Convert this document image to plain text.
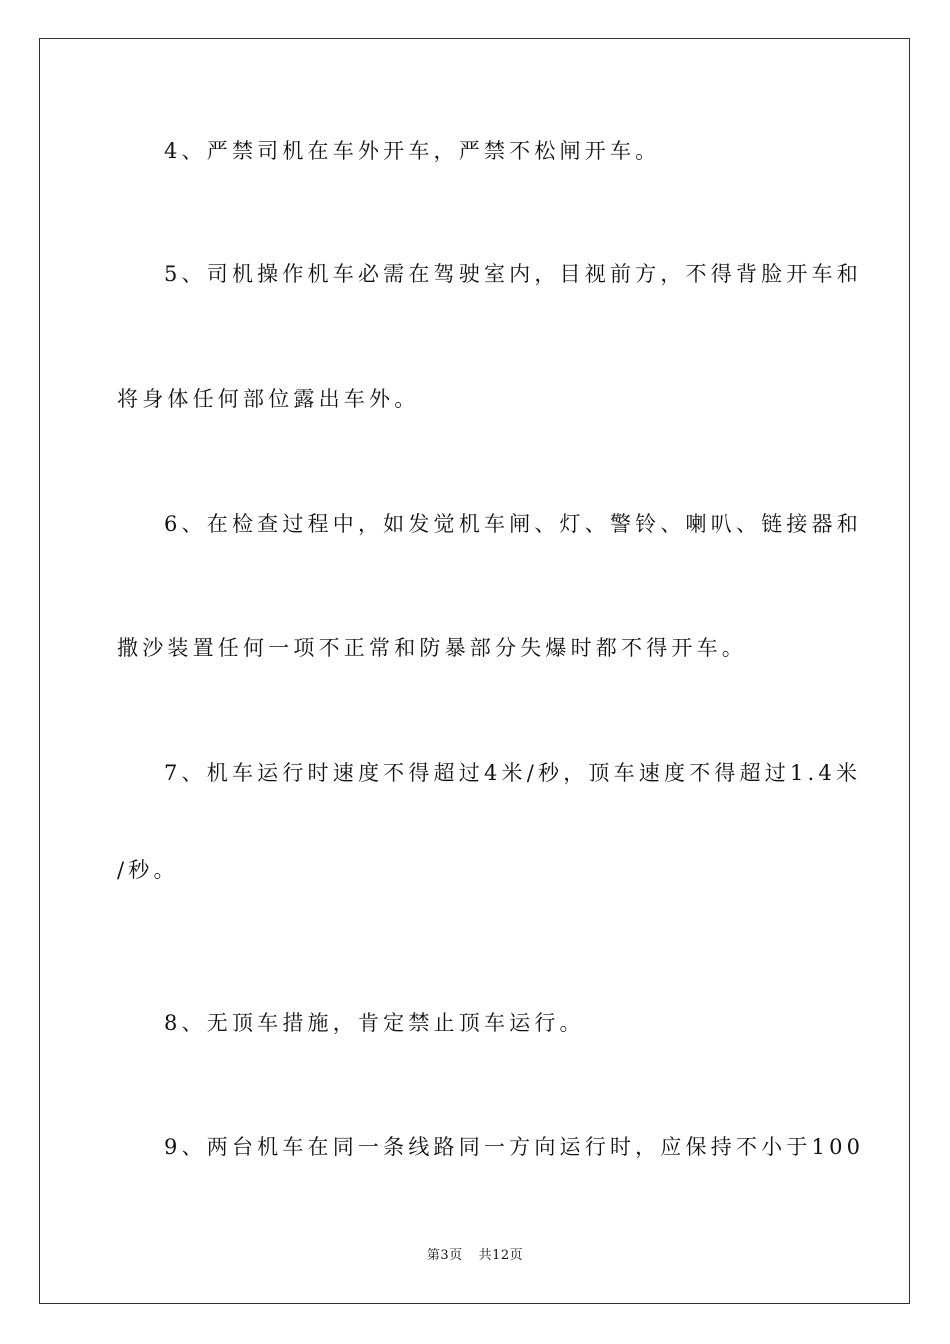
4、严禁司机在车外开车，严禁不松闸开车。
5、司机操作机车必需在驾驶室内，目视前方，不得背脸开车和
将身体任何部位露出车外。
6、在检查过程中，如发觉机车闸、灯、警铃、喇叭、链接器和
撒沙装置任何一项不正常和防暴部分失爆时都不得开车。
7、机车运行时速度不得超过4米/秒，顶车速度不得超过1.4米
/秒。
8、无顶车措施，肯定禁止顶车运行。
9、两台机车在同一条线路同一方向运行时，应保持不小于100
第3页 共12页
